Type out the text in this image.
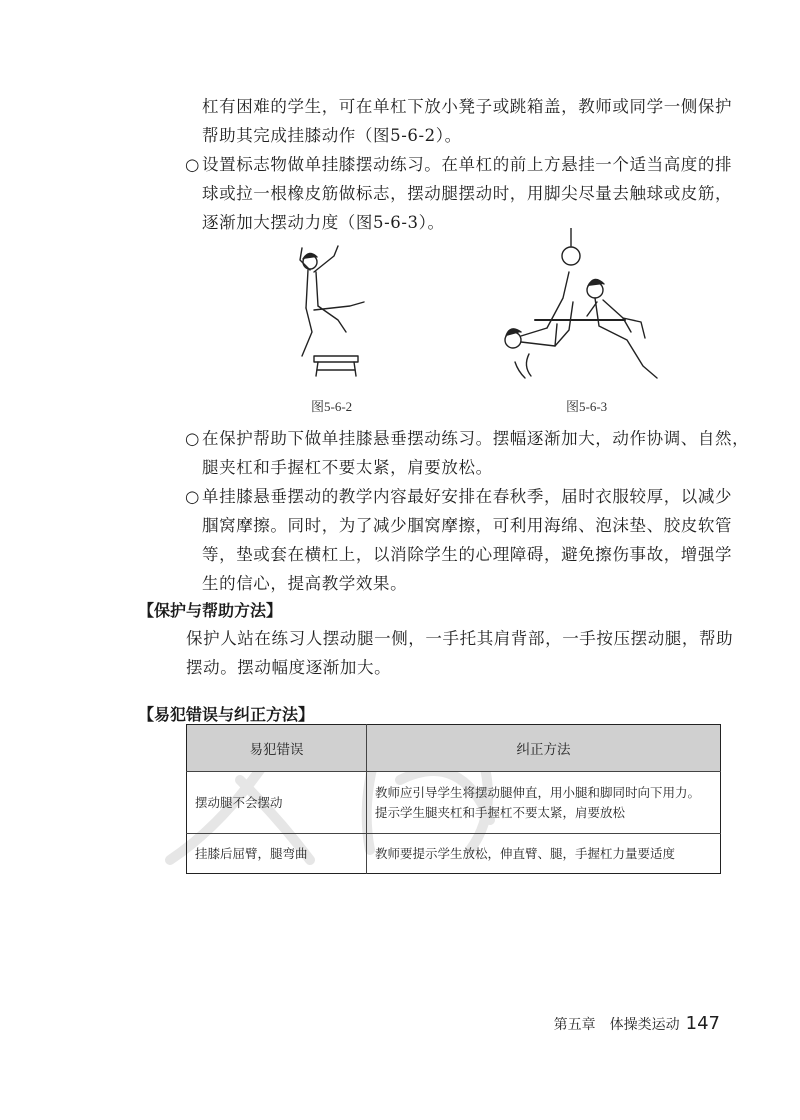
杠有困难的学生，可在单杠下放小凳子或跳箱盖，教师或同学一侧保护
帮助其完成挂膝动作（图5-6-2）。
○ 设置标志物做单挂膝摆动练习。在单杠的前上方悬挂一个适当高度的排
球或拉一根橡皮筋做标志，摆动腿摆动时，用脚尖尽量去触球或皮筋，
逐渐加大摆动力度（图5-6-3）。
图5-6-2	图5-6-3
○ 在保护帮助下做单挂膝悬垂摆动练习。摆幅逐渐加大，动作协调、自然，
腿夹杠和手握杠不要太紧，肩要放松。
○ 单挂膝悬垂摆动的教学内容最好安排在春秋季，届时衣服较厚，以减少
腘窝摩擦。同时，为了减少腘窝摩擦，可利用海绵、泡沫垫、胶皮软管
等，垫或套在横杠上，以消除学生的心理障碍，避免擦伤事故，增强学
生的信心，提高教学效果。
【保护与帮助方法】
保护人站在练习人摆动腿一侧，一手托其肩背部，一手按压摆动腿，帮助
摆动。摆动幅度逐渐加大。
【易犯错误与纠正方法】
易犯错误	纠正方法
摆动腿不会摆动	教师应引导学生将摆动腿伸直，用小腿和脚同时向下用力。提示学生腿夹杠和手握杠不要太紧，肩要放松
挂膝后屈臂，腿弯曲	教师要提示学生放松，伸直臂、腿，手握杠力量要适度
第五章　体操类运动 147
